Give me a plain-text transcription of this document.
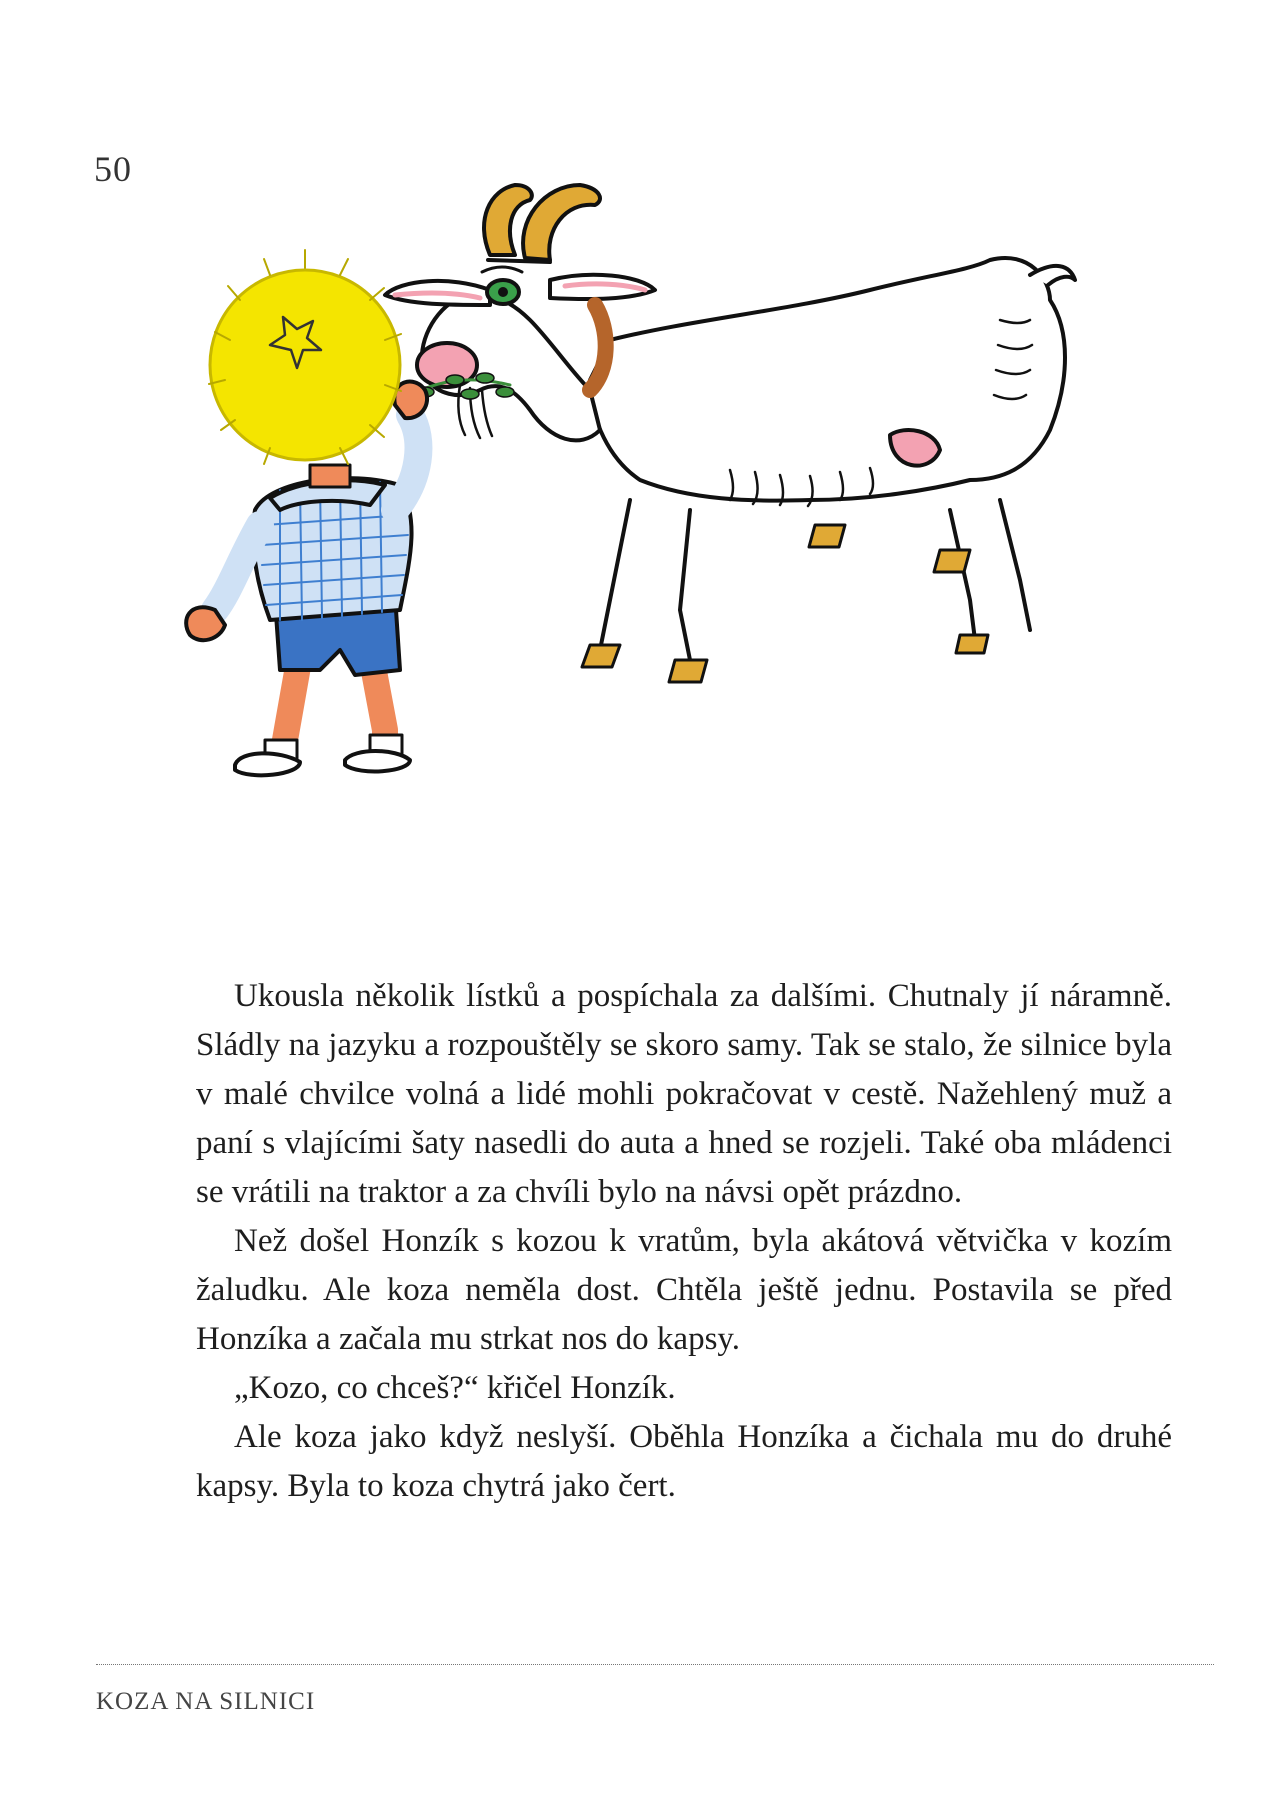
50

Ukousla několik lístků a pospíchala za dalšími. Chutnaly jí náramně. Sládly na jazyku a rozpouštěly se skoro samy. Tak se stalo, že silnice byla v malé chvilce volná a lidé mohli pokračovat v cestě. Nažehlený muž a paní s vlajícími šaty nasedli do auta a hned se rozjeli. Také oba mládenci se vrátili na traktor a za chvíli bylo na návsi opět prázdno.

Než došel Honzík s kozou k vratům, byla akátová větvička v kozím žaludku. Ale koza neměla dost. Chtěla ještě jednu. Postavila se před Honzíka a začala mu strkat nos do kapsy.

„Kozo, co chceš?“ křičel Honzík.

Ale koza jako když neslyší. Oběhla Honzíka a čichala mu do druhé kapsy. Byla to koza chytrá jako čert.

KOZA NA SILNICI
